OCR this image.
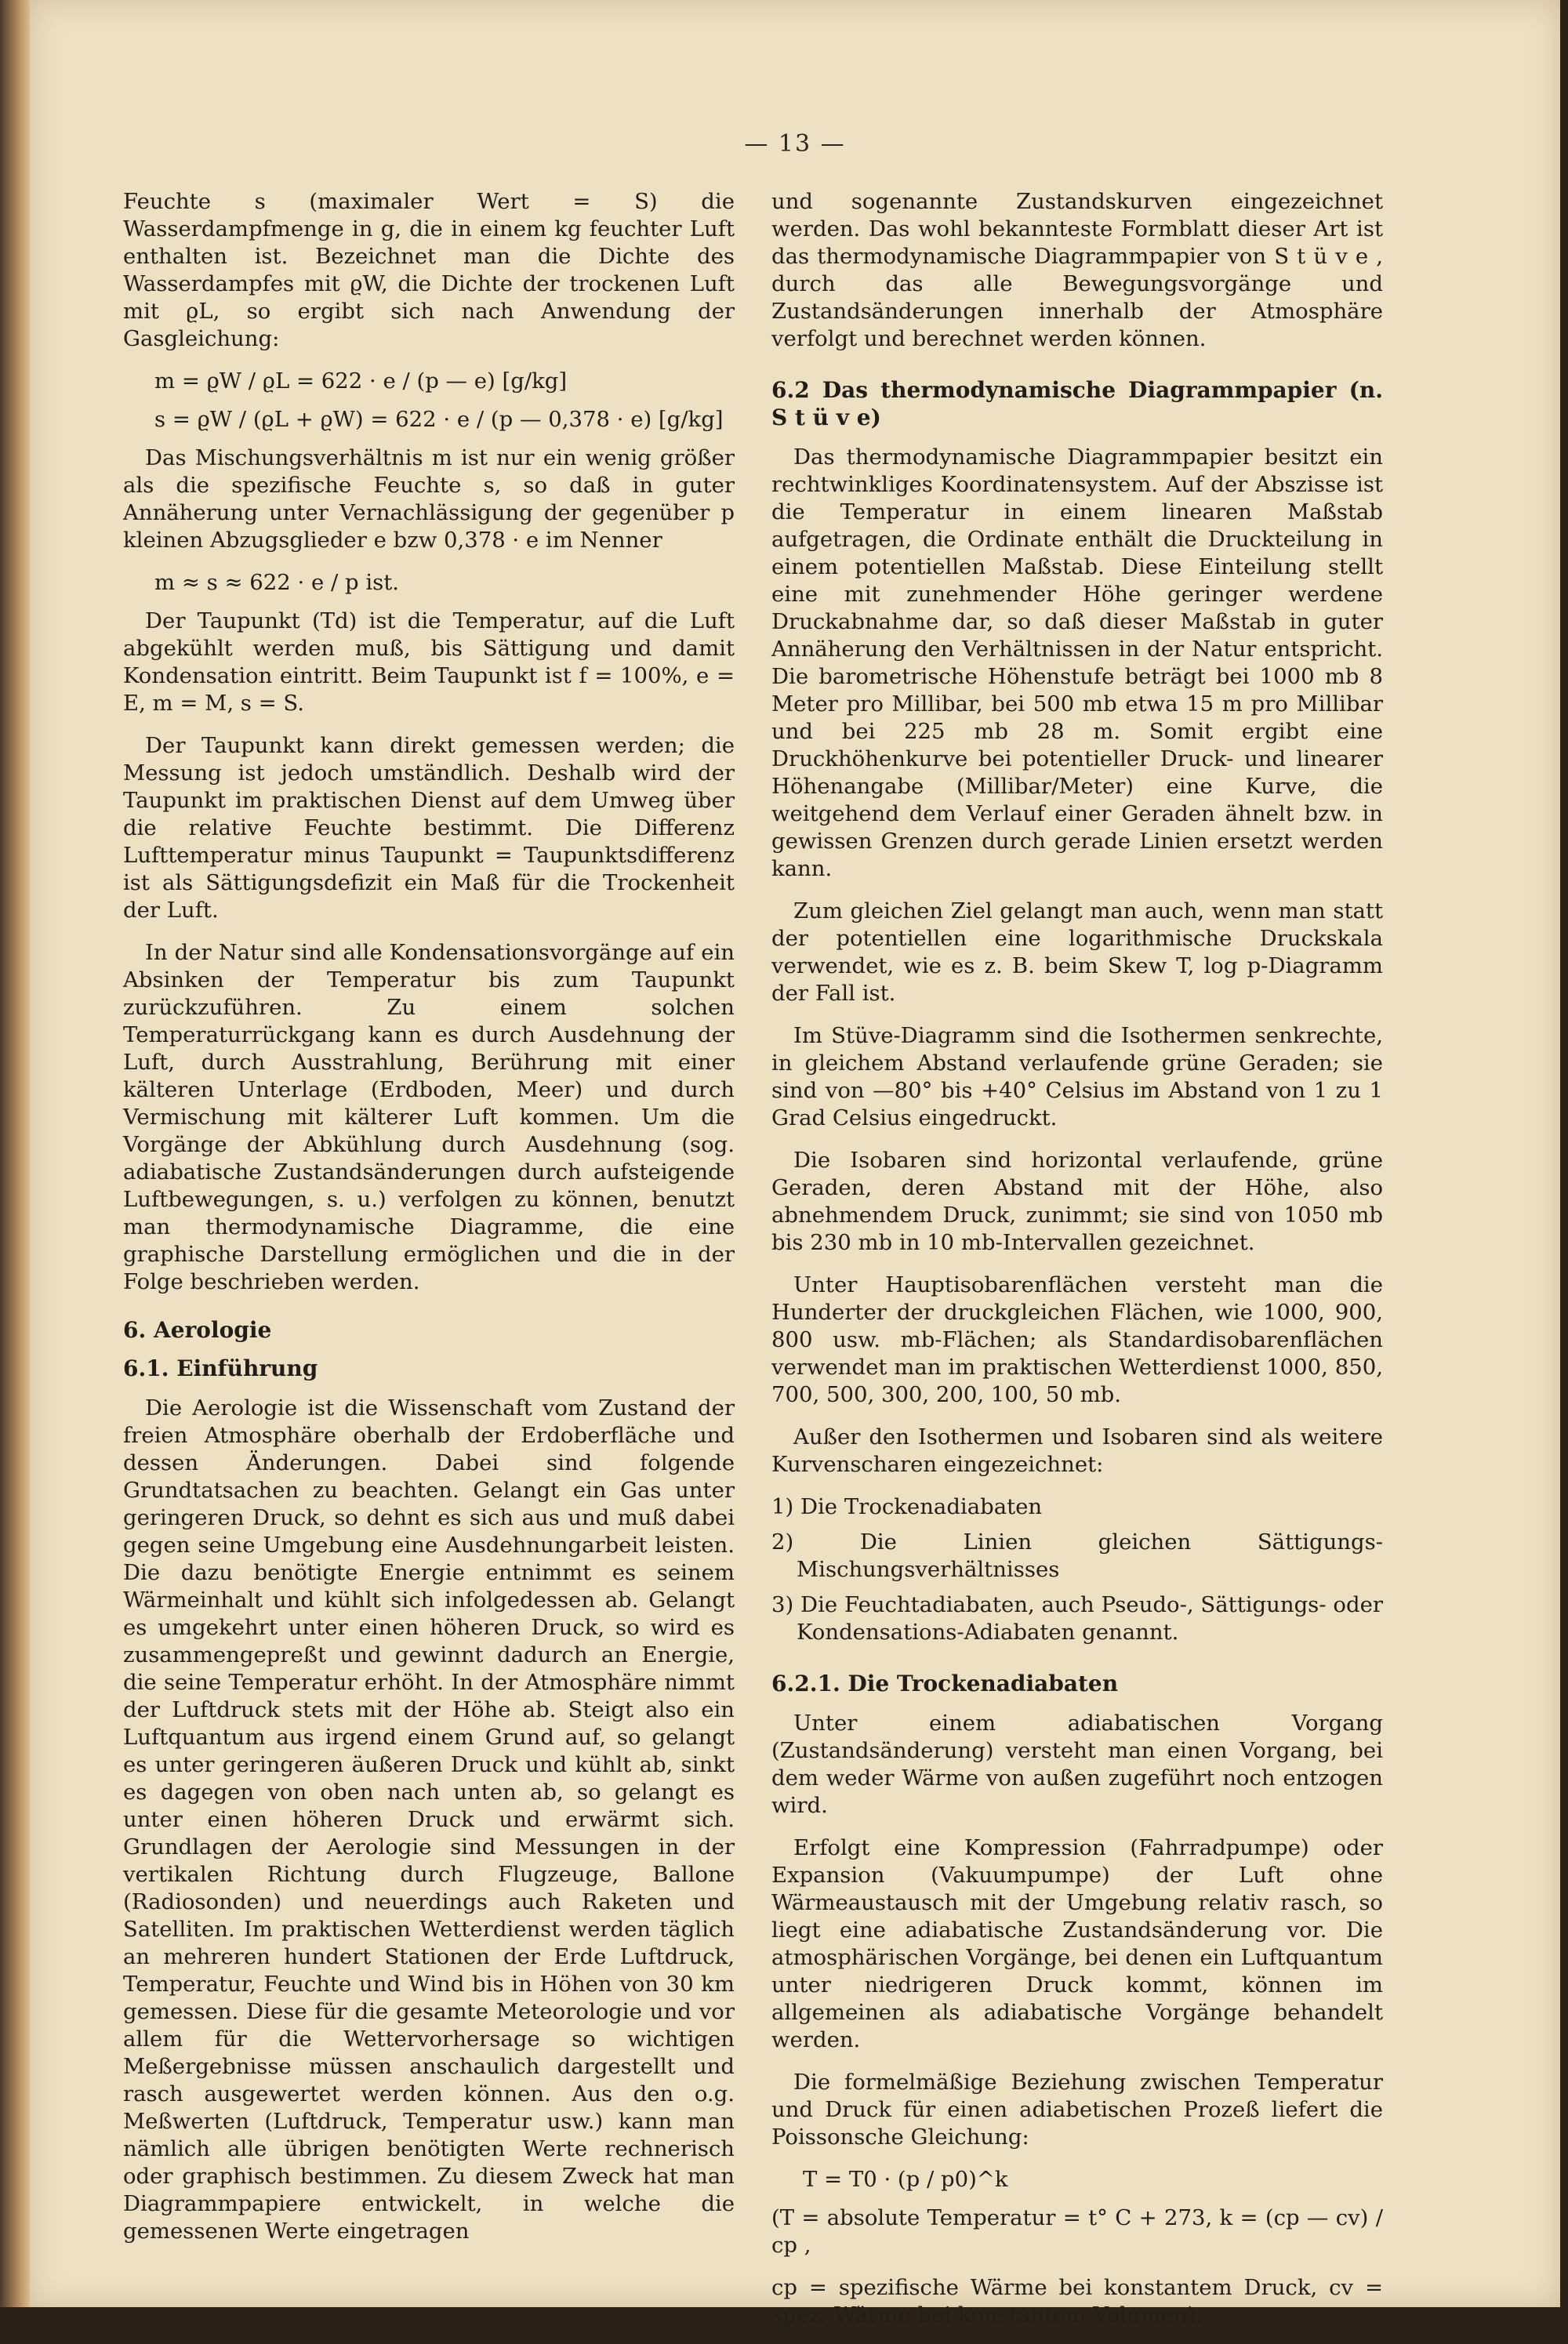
— 13 —

Feuchte s (maximaler Wert = S) die Wasserdampfmenge in g, die in einem kg feuchter Luft enthalten ist. Bezeichnet man die Dichte des Wasserdampfes mit ϱW, die Dichte der trockenen Luft mit ϱL, so ergibt sich nach Anwendung der Gasgleichung:

m = ϱW / ϱL = 622 · e / (p — e) [g/kg]
s = ϱW / (ϱL + ϱW) = 622 · e / (p — 0,378 · e) [g/kg]

Das Mischungsverhältnis m ist nur ein wenig größer als die spezifische Feuchte s, so daß in guter Annäherung unter Vernachlässigung der gegenüber p kleinen Abzugsglieder e bzw 0,378 · e im Nenner

m ≈ s ≈ 622 · e / p ist.

Der Taupunkt (Td) ist die Temperatur, auf die Luft abgekühlt werden muß, bis Sättigung und damit Kondensation eintritt. Beim Taupunkt ist f = 100%, e = E, m = M, s = S.

Der Taupunkt kann direkt gemessen werden; die Messung ist jedoch umständlich. Deshalb wird der Taupunkt im praktischen Dienst auf dem Umweg über die relative Feuchte bestimmt. Die Differenz Lufttemperatur minus Taupunkt = Taupunktsdifferenz ist als Sättigungsdefizit ein Maß für die Trockenheit der Luft.

In der Natur sind alle Kondensationsvorgänge auf ein Absinken der Temperatur bis zum Taupunkt zurückzuführen. Zu einem solchen Temperaturrückgang kann es durch Ausdehnung der Luft, durch Ausstrahlung, Berührung mit einer kälteren Unterlage (Erdboden, Meer) und durch Vermischung mit kälterer Luft kommen. Um die Vorgänge der Abkühlung durch Ausdehnung (sog. adiabatische Zustandsänderungen durch aufsteigende Luftbewegungen, s. u.) verfolgen zu können, benutzt man thermodynamische Diagramme, die eine graphische Darstellung ermöglichen und die in der Folge beschrieben werden.

6. Aerologie
6.1. Einführung

Die Aerologie ist die Wissenschaft vom Zustand der freien Atmosphäre oberhalb der Erdoberfläche und dessen Änderungen. Dabei sind folgende Grundtatsachen zu beachten. Gelangt ein Gas unter geringeren Druck, so dehnt es sich aus und muß dabei gegen seine Umgebung eine Ausdehnungarbeit leisten. Die dazu benötigte Energie entnimmt es seinem Wärmeinhalt und kühlt sich infolgedessen ab. Gelangt es umgekehrt unter einen höheren Druck, so wird es zusammengepreßt und gewinnt dadurch an Energie, die seine Temperatur erhöht. In der Atmosphäre nimmt der Luftdruck stets mit der Höhe ab. Steigt also ein Luftquantum aus irgend einem Grund auf, so gelangt es unter geringeren äußeren Druck und kühlt ab, sinkt es dagegen von oben nach unten ab, so gelangt es unter einen höheren Druck und erwärmt sich. Grundlagen der Aerologie sind Messungen in der vertikalen Richtung durch Flugzeuge, Ballone (Radiosonden) und neuerdings auch Raketen und Satelliten. Im praktischen Wetterdienst werden täglich an mehreren hundert Stationen der Erde Luftdruck, Temperatur, Feuchte und Wind bis in Höhen von 30 km gemessen. Diese für die gesamte Meteorologie und vor allem für die Wettervorhersage so wichtigen Meßergebnisse müssen anschaulich dargestellt und rasch ausgewertet werden können. Aus den o.g. Meßwerten (Luftdruck, Temperatur usw.) kann man nämlich alle übrigen benötigten Werte rechnerisch oder graphisch bestimmen. Zu diesem Zweck hat man Diagrammpapiere entwickelt, in welche die gemessenen Werte eingetragen

und sogenannte Zustandskurven eingezeichnet werden. Das wohl bekannteste Formblatt dieser Art ist das thermodynamische Diagrammpapier von S t ü v e , durch das alle Bewegungsvorgänge und Zustandsänderungen innerhalb der Atmosphäre verfolgt und berechnet werden können.

6.2 Das thermodynamische Diagrammpapier (n. S t ü v e)

Das thermodynamische Diagrammpapier besitzt ein rechtwinkliges Koordinatensystem. Auf der Abszisse ist die Temperatur in einem linearen Maßstab aufgetragen, die Ordinate enthält die Druckteilung in einem potentiellen Maßstab. Diese Einteilung stellt eine mit zunehmender Höhe geringer werdene Druckabnahme dar, so daß dieser Maßstab in guter Annäherung den Verhältnissen in der Natur entspricht. Die barometrische Höhenstufe beträgt bei 1000 mb 8 Meter pro Millibar, bei 500 mb etwa 15 m pro Millibar und bei 225 mb 28 m. Somit ergibt eine Druckhöhenkurve bei potentieller Druck- und linearer Höhenangabe (Millibar/Meter) eine Kurve, die weitgehend dem Verlauf einer Geraden ähnelt bzw. in gewissen Grenzen durch gerade Linien ersetzt werden kann.

Zum gleichen Ziel gelangt man auch, wenn man statt der potentiellen eine logarithmische Druckskala verwendet, wie es z. B. beim Skew T, log p-Diagramm der Fall ist.

Im Stüve-Diagramm sind die Isothermen senkrechte, in gleichem Abstand verlaufende grüne Geraden; sie sind von —80° bis +40° Celsius im Abstand von 1 zu 1 Grad Celsius eingedruckt.

Die Isobaren sind horizontal verlaufende, grüne Geraden, deren Abstand mit der Höhe, also abnehmendem Druck, zunimmt; sie sind von 1050 mb bis 230 mb in 10 mb-Intervallen gezeichnet.

Unter Hauptisobarenflächen versteht man die Hunderter der druckgleichen Flächen, wie 1000, 900, 800 usw. mb-Flächen; als Standardisobarenflächen verwendet man im praktischen Wetterdienst 1000, 850, 700, 500, 300, 200, 100, 50 mb.

Außer den Isothermen und Isobaren sind als weitere Kurvenscharen eingezeichnet:

1) Die Trockenadiabaten

2) Die Linien gleichen Sättigungs-Mischungsverhältnisses

3) Die Feuchtadiabaten, auch Pseudo-, Sättigungs- oder Kondensations-Adiabaten genannt.

6.2.1. Die Trockenadiabaten

Unter einem adiabatischen Vorgang (Zustandsänderung) versteht man einen Vorgang, bei dem weder Wärme von außen zugeführt noch entzogen wird.

Erfolgt eine Kompression (Fahrradpumpe) oder Expansion (Vakuumpumpe) der Luft ohne Wärmeaustausch mit der Umgebung relativ rasch, so liegt eine adiabatische Zustandsänderung vor. Die atmosphärischen Vorgänge, bei denen ein Luftquantum unter niedrigeren Druck kommt, können im allgemeinen als adiabatische Vorgänge behandelt werden.

Die formelmäßige Beziehung zwischen Temperatur und Druck für einen adiabetischen Prozeß liefert die Poissonsche Gleichung:

T = T0 · (p / p0)^k

(T = absolute Temperatur = t° C + 273, k = (cp — cv) / cp ,

cp = spezifische Wärme bei konstantem Druck, cv = spez. Wärme bei konstantem Volumen).
